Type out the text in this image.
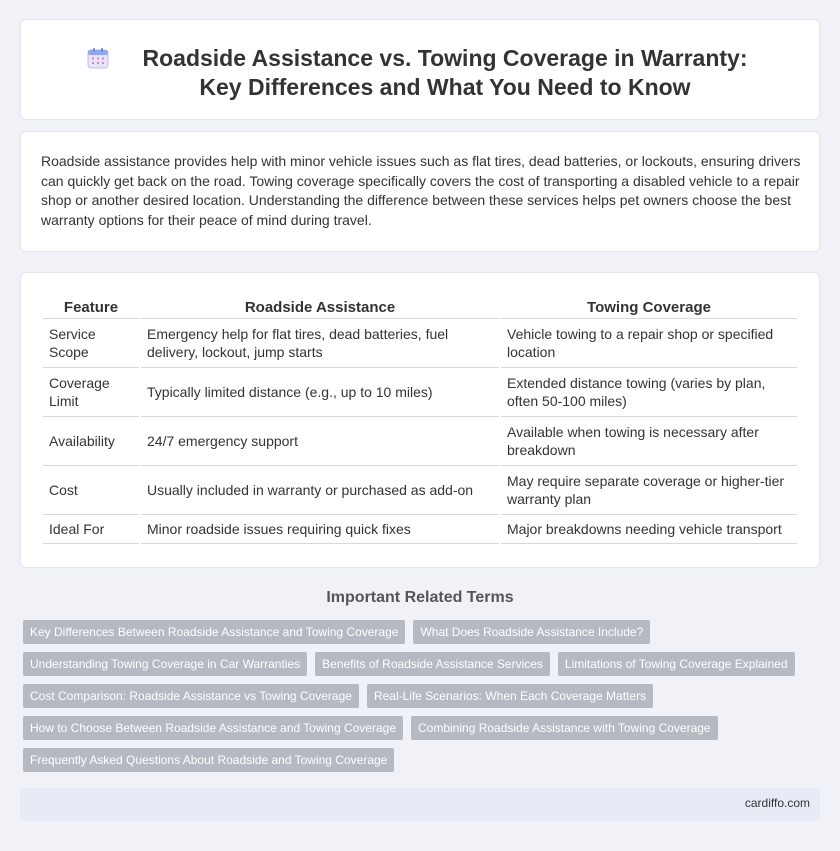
Roadside Assistance vs. Towing Coverage in Warranty: Key Differences and What You Need to Know

Roadside assistance provides help with minor vehicle issues such as flat tires, dead batteries, or lockouts, ensuring drivers can quickly get back on the road. Towing coverage specifically covers the cost of transporting a disabled vehicle to a repair shop or another desired location. Understanding the difference between these services helps pet owners choose the best warranty options for their peace of mind during travel.

Feature	Roadside Assistance	Towing Coverage
Service Scope	Emergency help for flat tires, dead batteries, fuel delivery, lockout, jump starts	Vehicle towing to a repair shop or specified location
Coverage Limit	Typically limited distance (e.g., up to 10 miles)	Extended distance towing (varies by plan, often 50-100 miles)
Availability	24/7 emergency support	Available when towing is necessary after breakdown
Cost	Usually included in warranty or purchased as add-on	May require separate coverage or higher-tier warranty plan
Ideal For	Minor roadside issues requiring quick fixes	Major breakdowns needing vehicle transport
Important Related Terms
Key Differences Between Roadside Assistance and Towing Coverage	What Does Roadside Assistance Include?
Understanding Towing Coverage in Car Warranties	Benefits of Roadside Assistance Services	Limitations of Towing Coverage Explained
Cost Comparison: Roadside Assistance vs Towing Coverage	Real-Life Scenarios: When Each Coverage Matters
How to Choose Between Roadside Assistance and Towing Coverage	Combining Roadside Assistance with Towing Coverage
Frequently Asked Questions About Roadside and Towing Coverage
cardiffo.com
